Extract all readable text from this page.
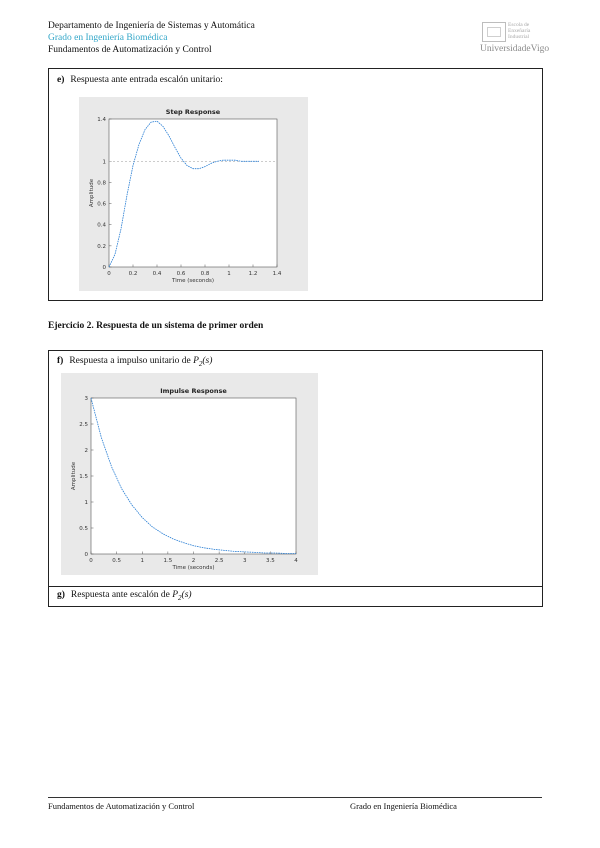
Departamento de Ingeniería de Sistemas y Automática
Grado en Ingeniería Biomédica
Fundamentos de Automatización y Control
Escola de
Enxeñaría
Industrial
UniversidadeVigo
e) Respuesta ante entrada escalón unitario:
Step Response
0	0.2	0.4	0.6	0.8	1	1.2	1.4
0
0.2
0.4
0.6
0.8
1
1.4
Time (seconds)
Amplitude
Ejercicio 2. Respuesta de un sistema de primer orden
f) Respuesta a impulso unitario de $P_2(s)$
Impulse Response
0	0.5	1	1.5	2	2.5	3	3.5	4
0
0.5
1
1.5
2
2.5
3
Time (seconds)
Amplitude
g) Respuesta ante escalón de $P_2(s)$
Fundamentos de Automatización y Control	Grado en Ingeniería Biomédica
